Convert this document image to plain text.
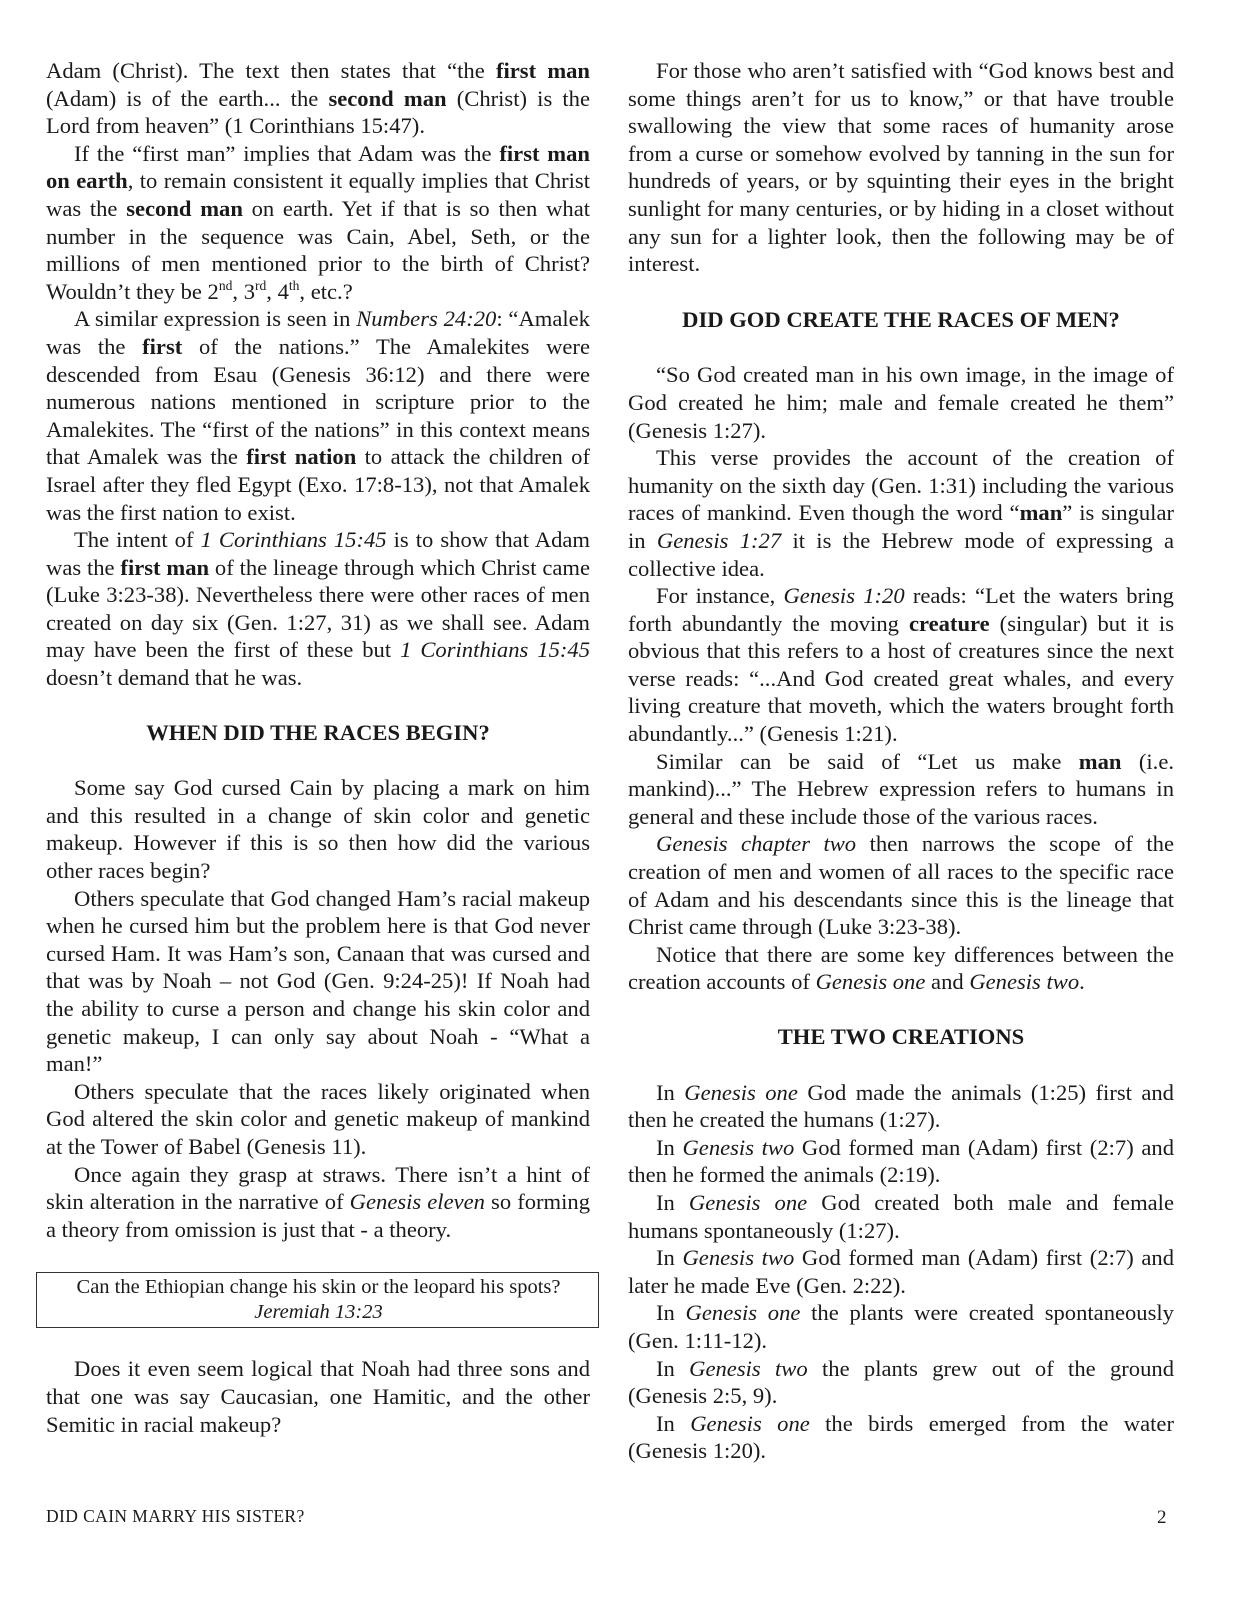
Adam (Christ). The text then states that “the first man (Adam) is of the earth... the second man (Christ) is the Lord from heaven” (1 Corinthians 15:47).

If the “first man” implies that Adam was the first man on earth, to remain consistent it equally implies that Christ was the second man on earth. Yet if that is so then what number in the sequence was Cain, Abel, Seth, or the millions of men mentioned prior to the birth of Christ? Wouldn’t they be 2nd, 3rd, 4th, etc.?

A similar expression is seen in Numbers 24:20: “Amalek was the first of the nations.” The Amalekites were descended from Esau (Genesis 36:12) and there were numerous nations mentioned in scripture prior to the Amalekites. The “first of the nations” in this context means that Amalek was the first nation to attack the children of Israel after they fled Egypt (Exo. 17:8-13), not that Amalek was the first nation to exist.

The intent of 1 Corinthians 15:45 is to show that Adam was the first man of the lineage through which Christ came (Luke 3:23-38). Nevertheless there were other races of men created on day six (Gen. 1:27, 31) as we shall see. Adam may have been the first of these but 1 Corinthians 15:45 doesn’t demand that he was.

WHEN DID THE RACES BEGIN?

Some say God cursed Cain by placing a mark on him and this resulted in a change of skin color and genetic makeup. However if this is so then how did the various other races begin?

Others speculate that God changed Ham’s racial makeup when he cursed him but the problem here is that God never cursed Ham. It was Ham’s son, Canaan that was cursed and that was by Noah – not God (Gen. 9:24-25)! If Noah had the ability to curse a person and change his skin color and genetic makeup, I can only say about Noah - “What a man!”

Others speculate that the races likely originated when God altered the skin color and genetic makeup of mankind at the Tower of Babel (Genesis 11).

Once again they grasp at straws. There isn’t a hint of skin alteration in the narrative of Genesis eleven so forming a theory from omission is just that - a theory.

Can the Ethiopian change his skin or the leopard his spots?
Jeremiah 13:23

Does it even seem logical that Noah had three sons and that one was say Caucasian, one Hamitic, and the other Semitic in racial makeup?

For those who aren’t satisfied with “God knows best and some things aren’t for us to know,” or that have trouble swallowing the view that some races of humanity arose from a curse or somehow evolved by tanning in the sun for hundreds of years, or by squinting their eyes in the bright sunlight for many centuries, or by hiding in a closet without any sun for a lighter look, then the following may be of interest.

DID GOD CREATE THE RACES OF MEN?

“So God created man in his own image, in the image of God created he him; male and female created he them” (Genesis 1:27).

This verse provides the account of the creation of humanity on the sixth day (Gen. 1:31) including the various races of mankind. Even though the word “man” is singular in Genesis 1:27 it is the Hebrew mode of expressing a collective idea.

For instance, Genesis 1:20 reads: “Let the waters bring forth abundantly the moving creature (singular) but it is obvious that this refers to a host of creatures since the next verse reads: “...And God created great whales, and every living creature that moveth, which the waters brought forth abundantly...” (Genesis 1:21).

Similar can be said of “Let us make man (i.e. mankind)...” The Hebrew expression refers to humans in general and these include those of the various races.

Genesis chapter two then narrows the scope of the creation of men and women of all races to the specific race of Adam and his descendants since this is the lineage that Christ came through (Luke 3:23-38).

Notice that there are some key differences between the creation accounts of Genesis one and Genesis two.

THE TWO CREATIONS

In Genesis one God made the animals (1:25) first and then he created the humans (1:27).

In Genesis two God formed man (Adam) first (2:7) and then he formed the animals (2:19).

In Genesis one God created both male and female humans spontaneously (1:27).

In Genesis two God formed man (Adam) first (2:7) and later he made Eve (Gen. 2:22).

In Genesis one the plants were created spontaneously (Gen. 1:11-12).

In Genesis two the plants grew out of the ground (Genesis 2:5, 9).

In Genesis one the birds emerged from the water (Genesis 1:20).

DID CAIN MARRY HIS SISTER?	2
